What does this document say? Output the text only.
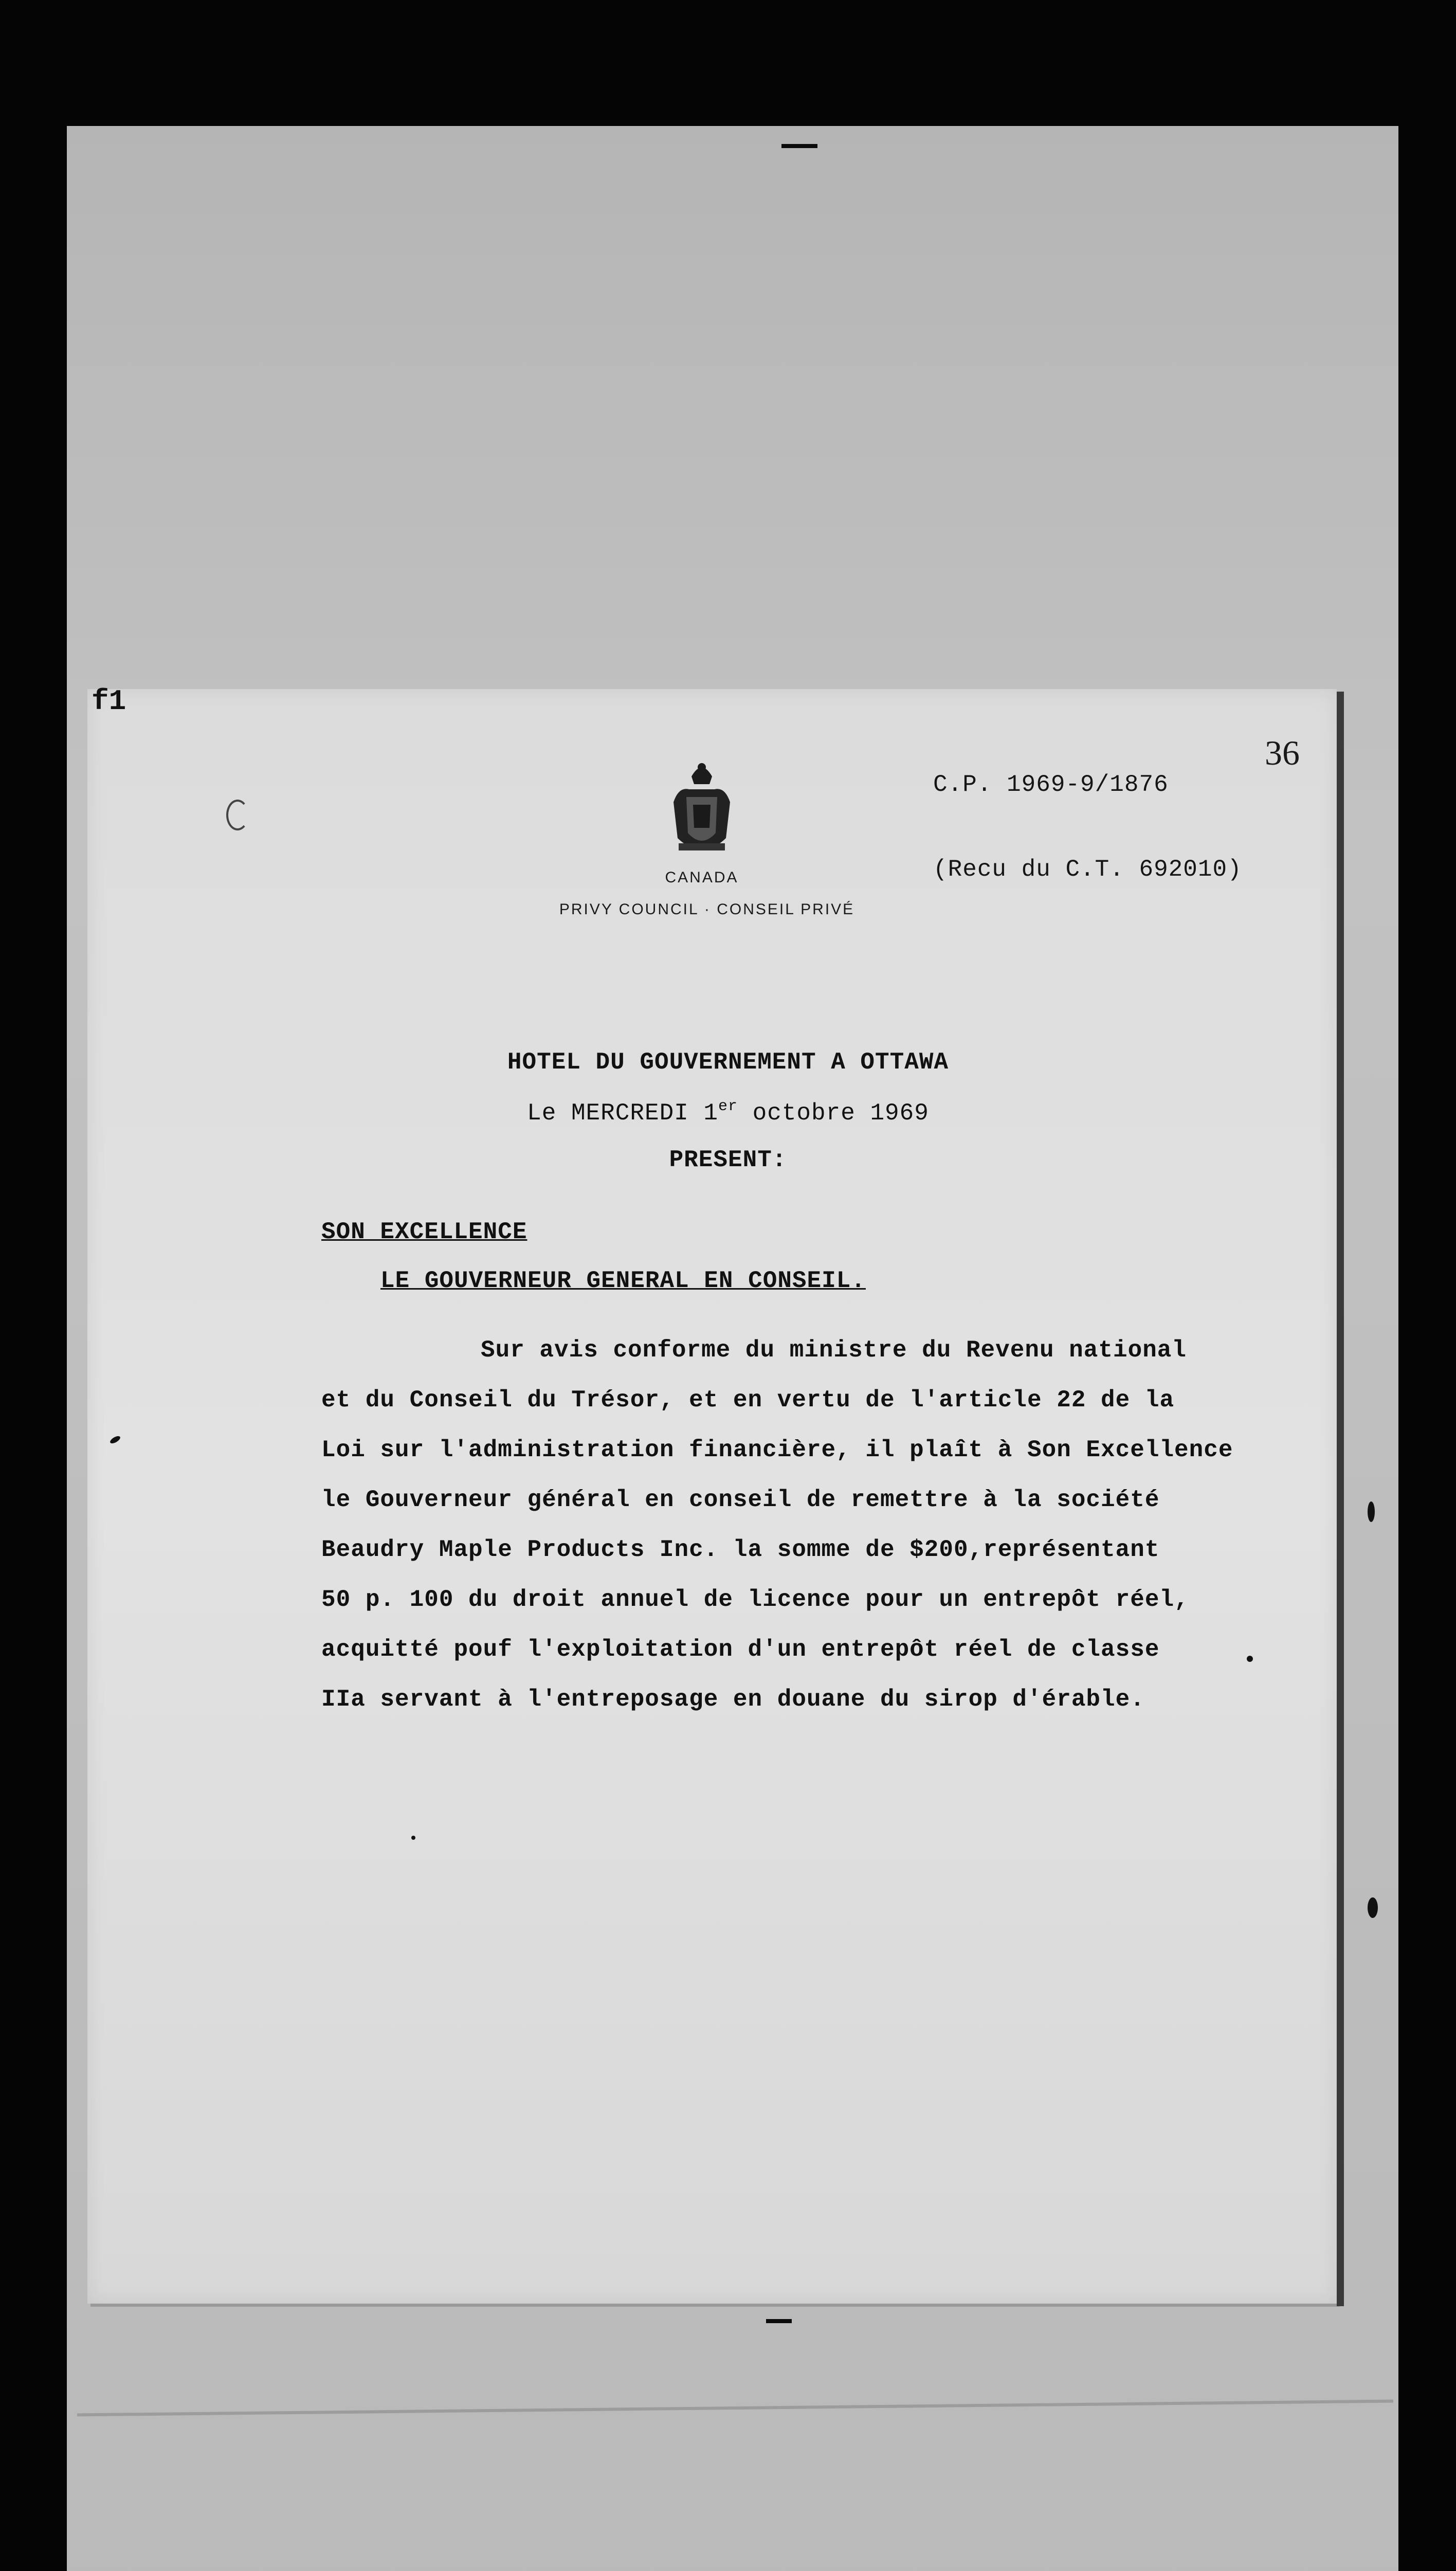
f1
36
CANADA
PRIVY COUNCIL · CONSEIL PRIVÉ
C.P. 1969-9/1876
(Recu du C.T. 692010)
HOTEL DU GOUVERNEMENT A OTTAWA
Le MERCREDI 1er octobre 1969
PRESENT:
SON EXCELLENCE
LE GOUVERNEUR GENERAL EN CONSEIL.
Sur avis conforme du ministre du Revenu national
et du Conseil du Trésor, et en vertu de l'article 22 de la
Loi sur l'administration financière, il plaît à Son Excellence
le Gouverneur général en conseil de remettre à la société
Beaudry Maple Products Inc. la somme de $200,représentant
50 p. 100 du droit annuel de licence pour un entrepôt réel,
acquitté pouf l'exploitation d'un entrepôt réel de classe
IIa servant à l'entreposage en douane du sirop d'érable.
